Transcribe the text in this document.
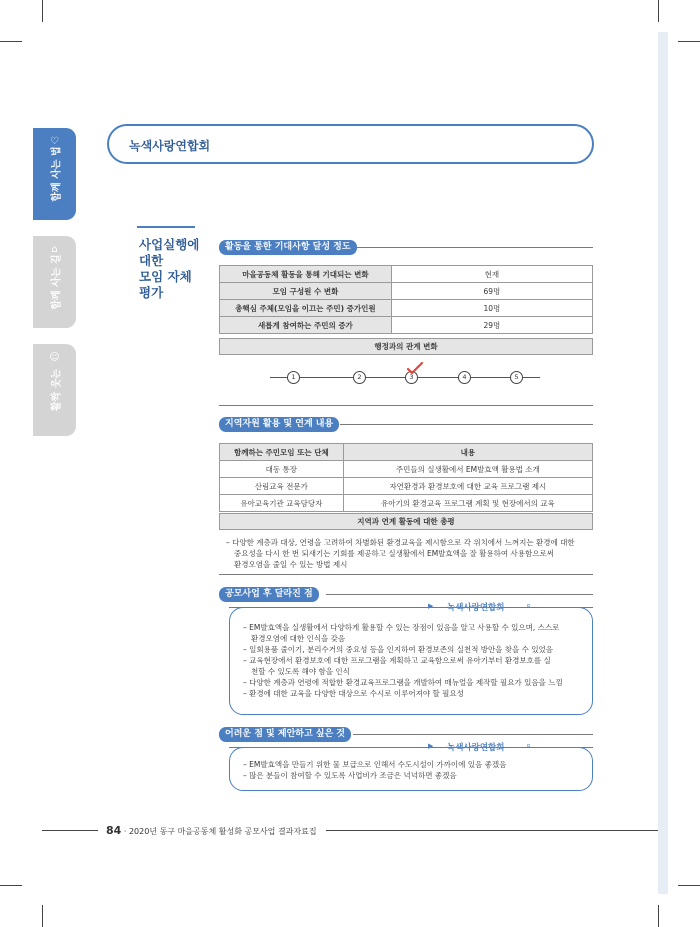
♡
함께 사는 법
⌂
함께 사는 길
☺
활짝 웃는
녹색사랑연합회
사업실행에
대한
모임 자체
평가
활동을 통한 기대사항 달성 정도
마을공동체 활동을 통해 기대되는 변화	현재
모임 구성원 수 변화	69명
총핵심 주체(모임을 이끄는 주민) 증가인원	10명
새롭게 참여하는 주민의 증가	29명
행정과의 관계 변화
1	2	3	4	5
지역자원 활용 및 연계 내용
함께하는 주민모임 또는 단체	내용
대동 통장	주민들의 실생활에서 EM발효액 활용법 소개
산림교육 전문가	자연환경과 환경보호에 대한 교육 프로그램 제시
유아교육기관 교육담당자	유아기의 환경교육 프로그램 계획 및 현장에서의 교육
지역과 연계 활동에 대한 총평
– 다양한 계층과 대상, 연령을 고려하여 차별화된 환경교육을 제시함으로 각 위치에서 느껴지는 환경에 대한
중요성을 다시 한 번 되새기는 기회를 제공하고 실생활에서 EM발효액을 잘 활용하여 사용함으로써
환경오염을 줄일 수 있는 방법 제시
공모사업 후 달라진 점
▶ 녹색사랑연합회 ⌕
– EM발효액을 실생활에서 다양하게 활용할 수 있는 장점이 있음을 알고 사용할 수 있으며, 스스로
환경오염에 대한 인식을 갖음
– 일회용품 줄이기, 분리수거의 중요성 등을 인지하여 환경보존의 실천적 방안을 찾을 수 있었음
– 교육현장에서 환경보호에 대한 프로그램을 계획하고 교육함으로써 유아기부터 환경보호를 실
천할 수 있도록 해야 함을 인식
– 다양한 계층과 연령에 적합한 환경교육프로그램을 개발하여 매뉴얼을 제작할 필요가 있음을 느낌
– 환경에 대한 교육을 다양한 대상으로 수시로 이루어져야 할 필요성
어려운 점 및 제안하고 싶은 것
▶ 녹색사랑연합회 ⌕
– EM발효액을 만들기 위한 물 보급으로 인해서 수도시설이 가까이에 있음 좋겠음
– 많은 분들이 참여할 수 있도록 사업비가 조금은 넉넉하면 좋겠음
84 · 2020년 동구 마을공동체 활성화 공모사업 결과자료집
